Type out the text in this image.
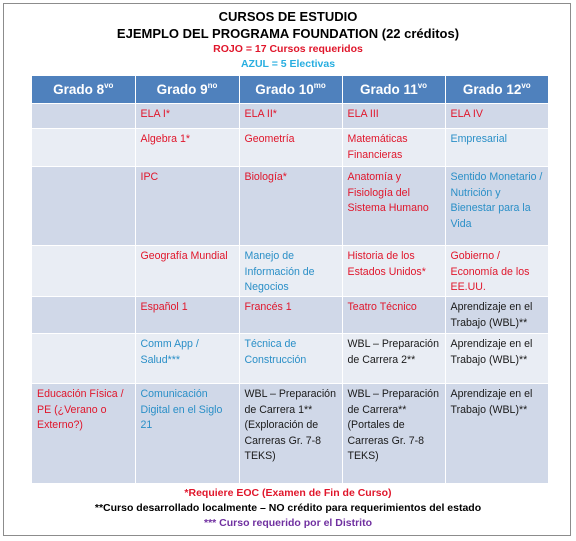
CURSOS DE ESTUDIO
EJEMPLO DEL PROGRAMA FOUNDATION (22 créditos)
ROJO = 17 Cursos requeridos
AZUL = 5 Electivas
Grado $8^{vo}$	Grado $9^{no}$	Grado $10^{mo}$	Grado $11^{vo}$	Grado $12^{vo}$
	ELA I*	ELA II*	ELA III	ELA IV
	Algebra 1*	Geometría	Matemáticas Financieras	Empresarial
	IPC	Biología*	Anatomía y Fisiología del Sistema Humano	Sentido Monetario / Nutrición y Bienestar para la Vida
	Geografía Mundial	Manejo de Información de Negocios	Historia de los Estados Unidos*	Gobierno / Economía de los EE.UU.
	Español 1	Francés 1	Teatro Técnico	Aprendizaje en el Trabajo (WBL)**
	Comm App / Salud***	Técnica de Construcción	WBL – Preparación de Carrera 2**	Aprendizaje en el Trabajo (WBL)**
Educación Física / PE (¿Verano o Externo?)	Comunicación Digital en el Siglo 21	WBL – Preparación de Carrera 1** (Exploración de Carreras Gr. 7-8 TEKS)	WBL – Preparación de Carrera** (Portales de Carreras Gr. 7-8 TEKS)	Aprendizaje en el Trabajo (WBL)**
*Requiere EOC (Examen de Fin de Curso)
**Curso desarrollado localmente – NO crédito para requerimientos del estado
*** Curso requerido por el Distrito
